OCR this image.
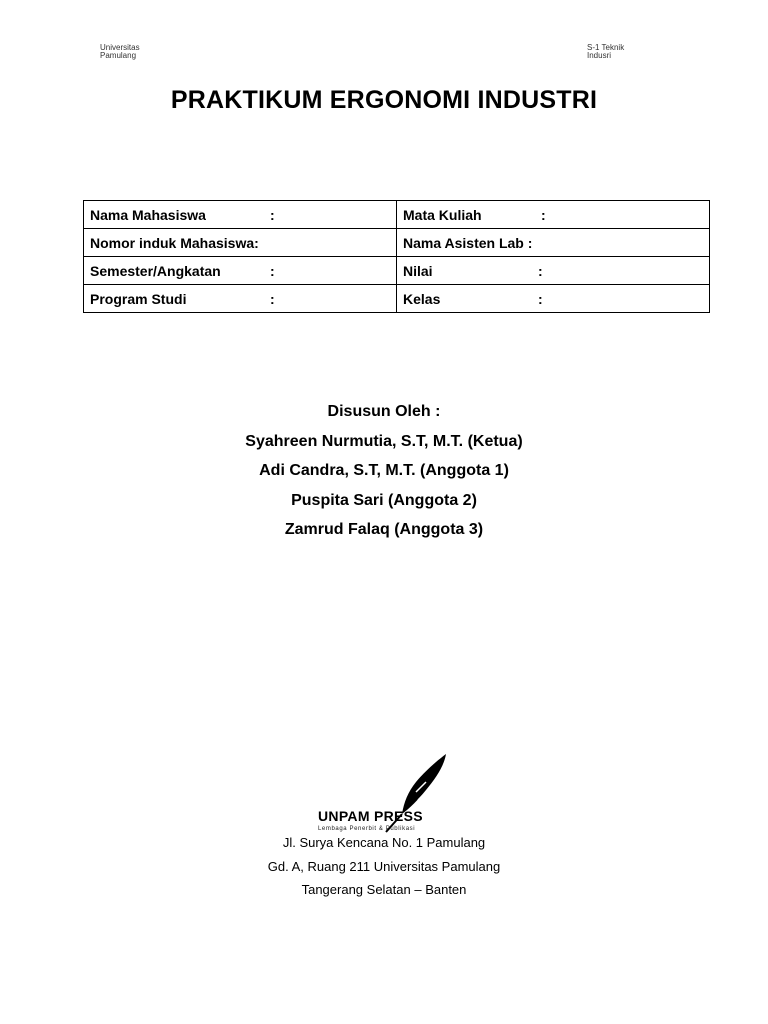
Universitas
Pamulang
S-1 Teknik
Indusri
PRAKTIKUM ERGONOMI INDUSTRI
Nama Mahasiswa :	Mata Kuliah :

Nomor induk Mahasiswa:	Nama Asisten Lab :

Semester/Angkatan :	Nilai :

Program Studi :	Kelas :
Disusun Oleh :
Syahreen Nurmutia, S.T, M.T. (Ketua)
Adi Candra, S.T, M.T. (Anggota 1)
Puspita Sari (Anggota 2)
Zamrud Falaq (Anggota 3)
UNPAM PRESS
Lembaga Penerbit & Publikasi
Jl. Surya Kencana No. 1 Pamulang
Gd. A, Ruang 211 Universitas Pamulang
Tangerang Selatan – Banten
